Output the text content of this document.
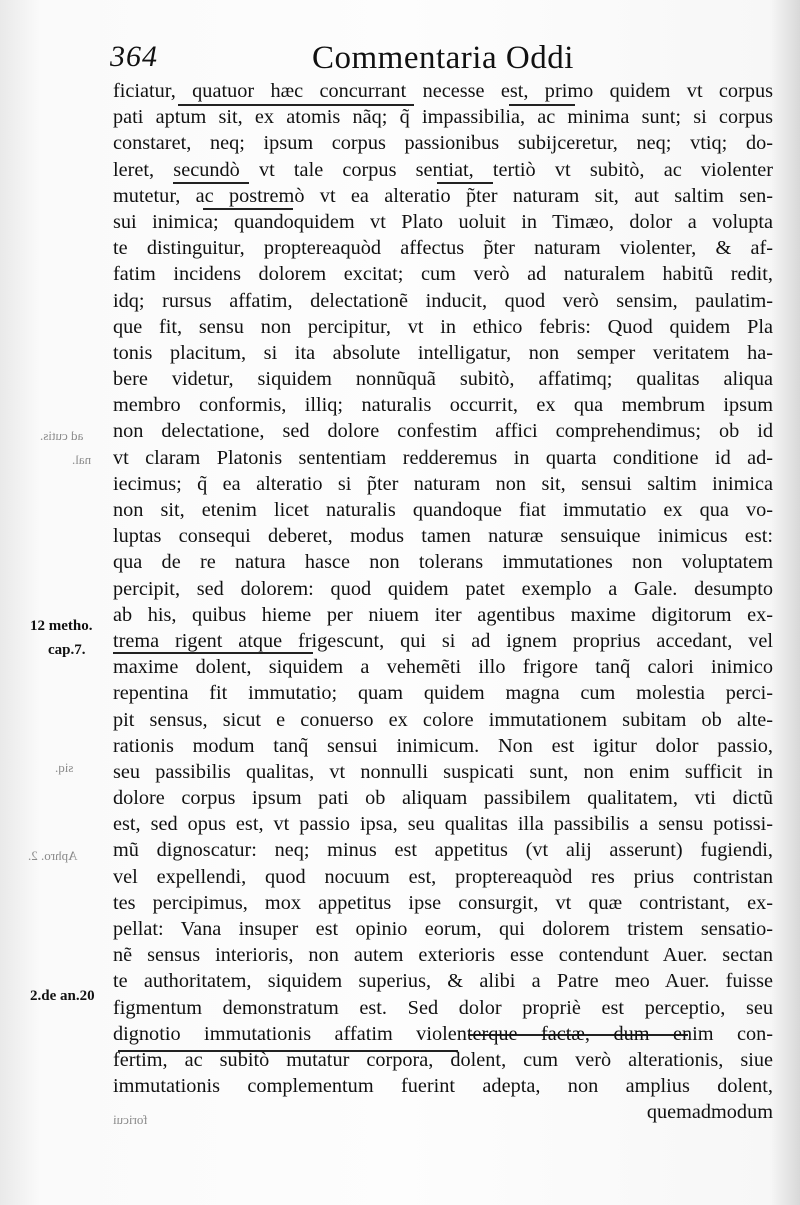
364	Commentaria Oddi
ad cutis.
nal.
siq.
Aphro. 2.
foricui
12 metho.
cap.7.
2.de an.20
ficiatur, quatuor hæc concurrant necesse est, primo quidem vt corpus
pati aptum sit, ex atomis nãq; q̃ impassibilia, ac minima sunt; si corpus
constaret, neq; ipsum corpus passionibus subijceretur, neq; vtiq; do-
leret, secundò vt tale corpus sentiat, tertiò vt subitò, ac violenter
mutetur, ac postremò vt ea alteratio p̃ter naturam sit, aut saltim sen-
sui inimica; quandoquidem vt Plato uoluit in Timæo, dolor a volupta
te distinguitur, proptereaquòd affectus p̃ter naturam violenter, & af-
fatim incidens dolorem excitat; cum verò ad naturalem habitũ redit,
idq; rursus affatim, delectationẽ inducit, quod verò sensim, paulatim-
que fit, sensu non percipitur, vt in ethico febris: Quod quidem Pla
tonis placitum, si ita absolute intelligatur, non semper veritatem ha-
bere videtur, siquidem nonnũquã subitò, affatimq; qualitas aliqua
membro conformis, illiq; naturalis occurrit, ex qua membrum ipsum
non delectatione, sed dolore confestim affici comprehendimus; ob id
vt claram Platonis sententiam redderemus in quarta conditione id ad-
iecimus; q̃ ea alteratio si p̃ter naturam non sit, sensui saltim inimica
non sit, etenim licet naturalis quandoque fiat immutatio ex qua vo-
luptas consequi deberet, modus tamen naturæ sensuique inimicus est:
qua de re natura hasce non tolerans immutationes non voluptatem
percipit, sed dolorem: quod quidem patet exemplo a Gale. desumpto
ab his, quibus hieme per niuem iter agentibus maxime digitorum ex-
trema rigent atque frigescunt, qui si ad ignem proprius accedant, vel
maxime dolent, siquidem a vehemẽti illo frigore tanq̃ calori inimico
repentina fit immutatio; quam quidem magna cum molestia perci-
pit sensus, sicut e conuerso ex colore immutationem subitam ob alte-
rationis modum tanq̃ sensui inimicum. Non est igitur dolor passio,
seu passibilis qualitas, vt nonnulli suspicati sunt, non enim sufficit in
dolore corpus ipsum pati ob aliquam passibilem qualitatem, vti dictũ
est, sed opus est, vt passio ipsa, seu qualitas illa passibilis a sensu potissi-
mũ dignoscatur: neq; minus est appetitus (vt alij asserunt) fugiendi,
vel expellendi, quod nocuum est, proptereaquòd res prius contristan
tes percipimus, mox appetitus ipse consurgit, vt quæ contristant, ex-
pellat: Vana insuper est opinio eorum, qui dolorem tristem sensatio-
nẽ sensus interioris, non autem exterioris esse contendunt Auer. sectan
te authoritatem, siquidem superius, & alibi a Patre meo Auer. fuisse
figmentum demonstratum est. Sed dolor propriè est perceptio, seu
dignotio immutationis affatim violenterque factæ, dum enim con-
fertim, ac subitò mutatur corpora, dolent, cum verò alterationis, siue
immutationis complementum fuerint adepta, non amplius dolent,
quemadmodum
